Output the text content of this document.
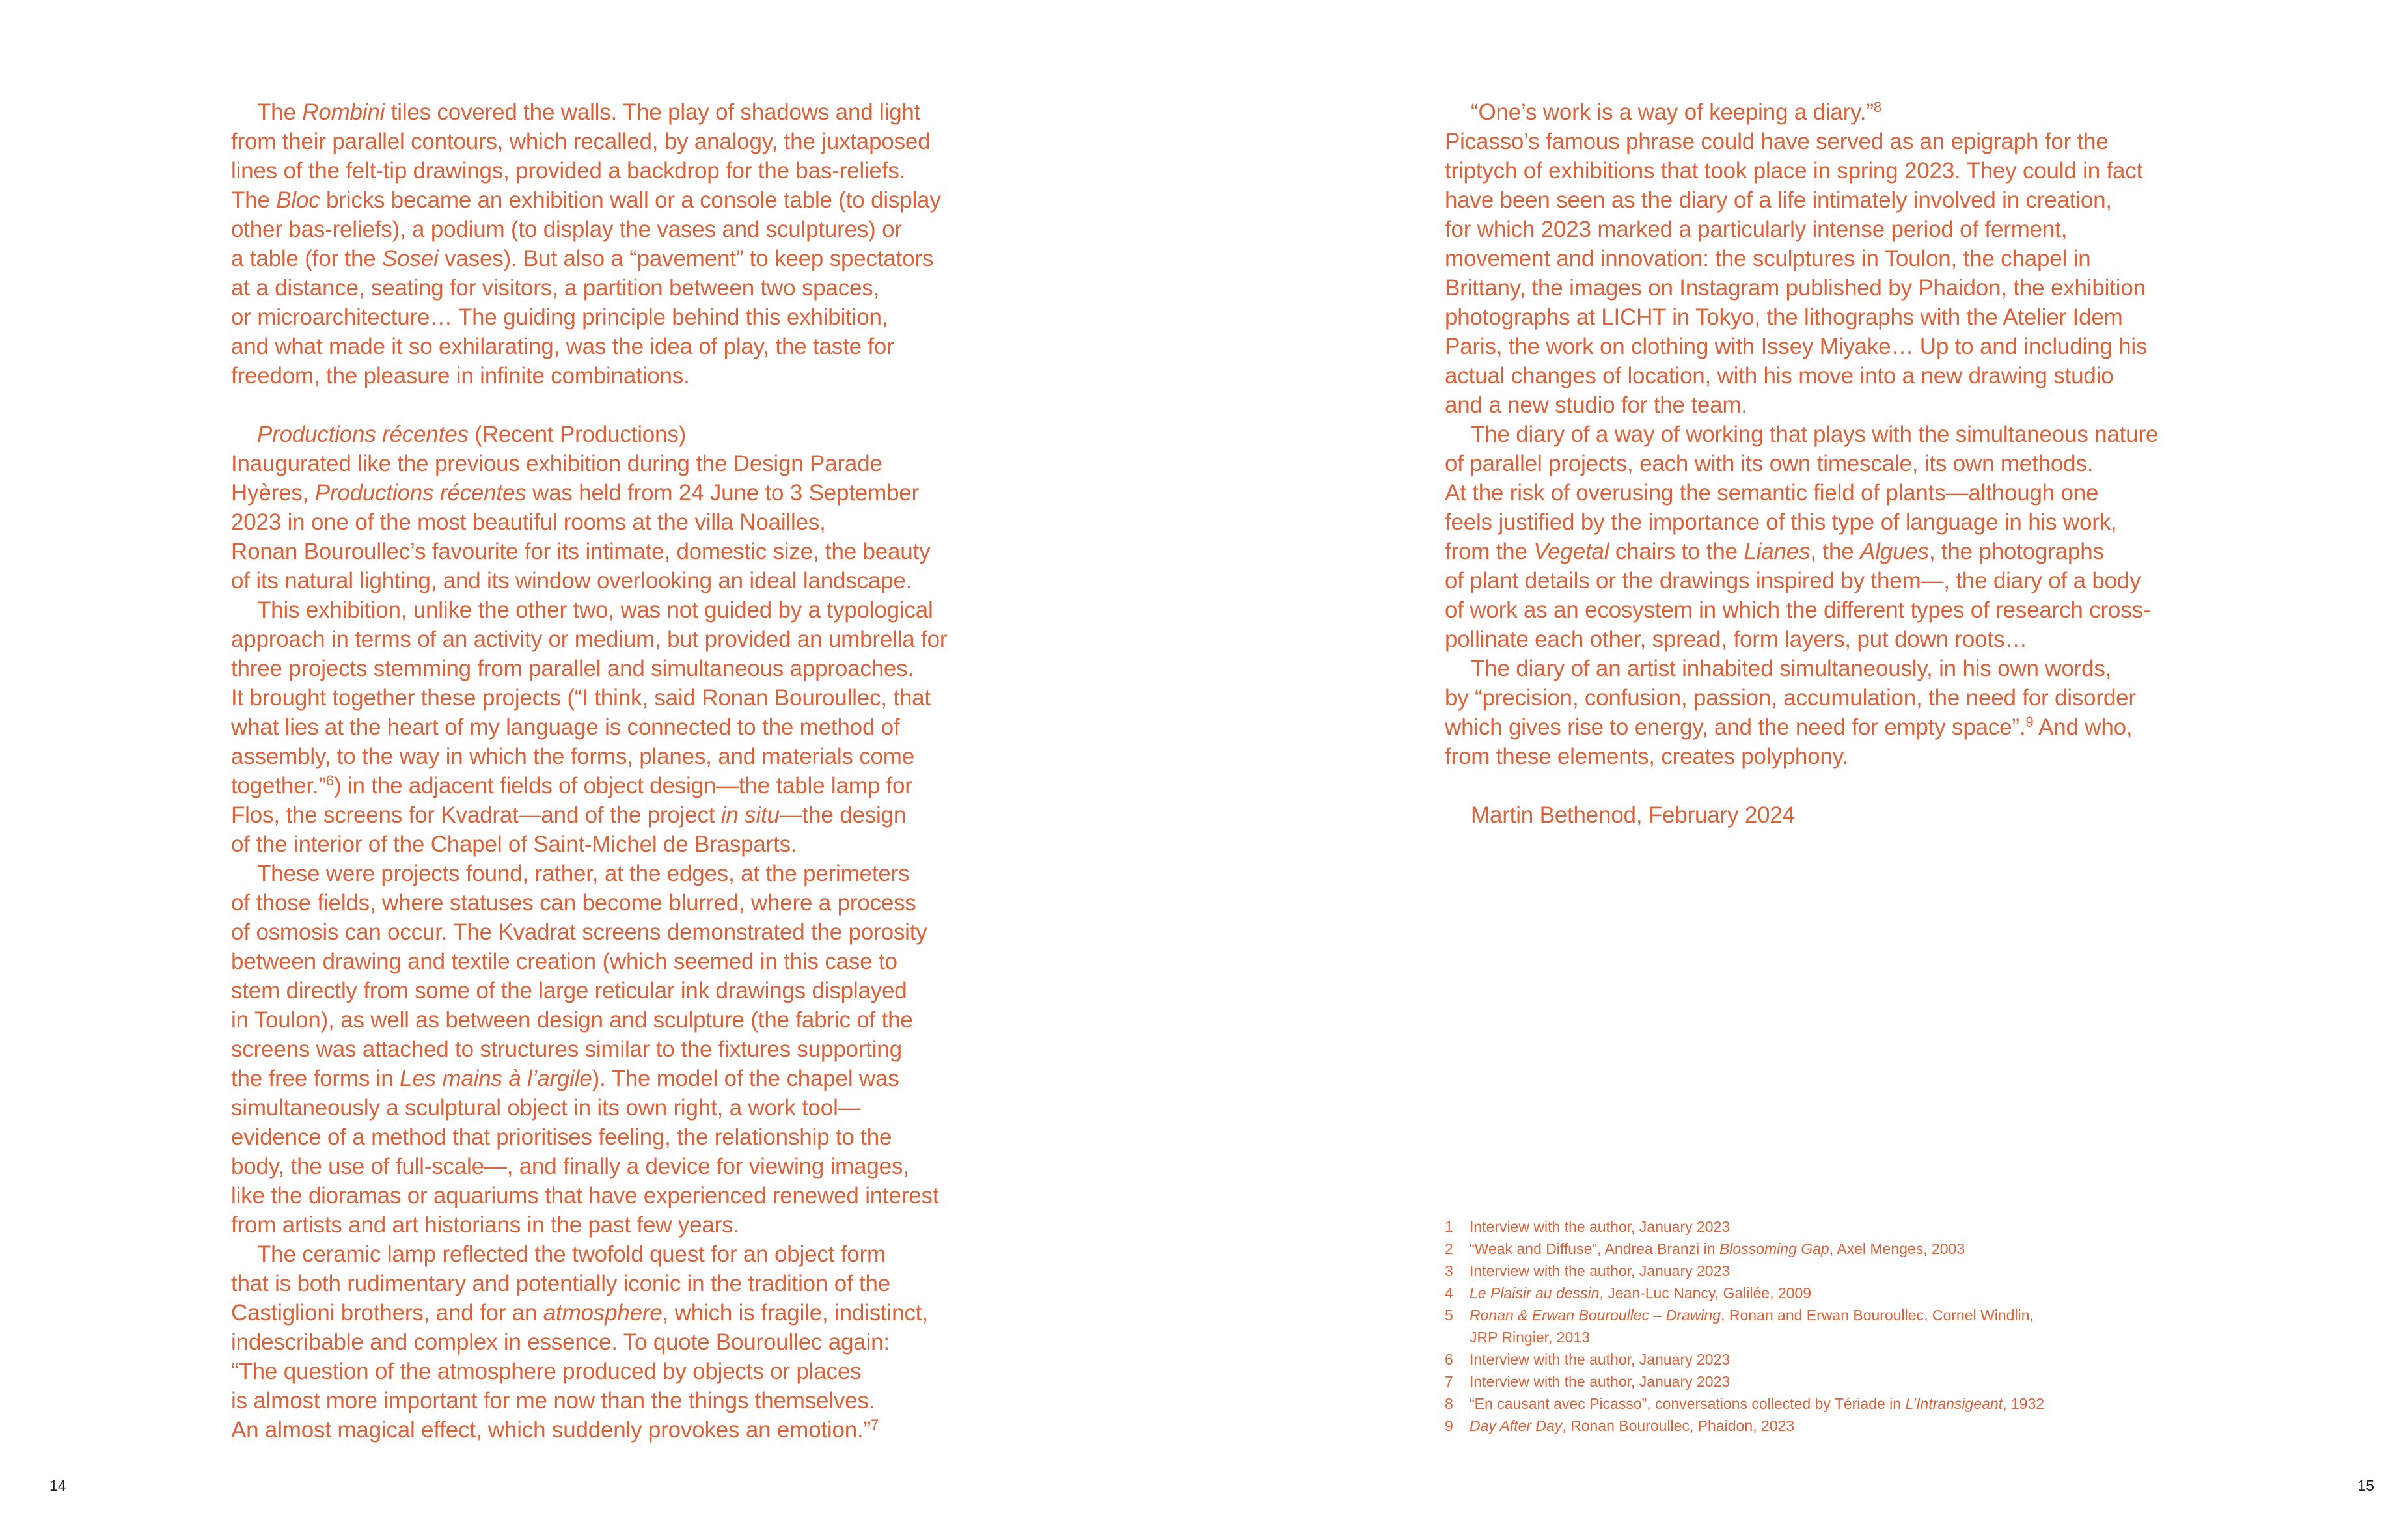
The Rombini tiles covered the walls. The play of shadows and light
from their parallel contours, which recalled, by analogy, the juxtaposed
lines of the felt-tip drawings, provided a backdrop for the bas-reliefs.
The Bloc bricks became an exhibition wall or a console table (to display
other bas-reliefs), a podium (to display the vases and sculptures) or
a table (for the Sosei vases). But also a “pavement” to keep spectators
at a distance, seating for visitors, a partition between two spaces,
or microarchitecture… The guiding principle behind this exhibition,
and what made it so exhilarating, was the idea of play, the taste for
freedom, the pleasure in infinite combinations.

Productions récentes (Recent Productions)

Inaugurated like the previous exhibition during the Design Parade
Hyères, Productions récentes was held from 24 June to 3 September
2023 in one of the most beautiful rooms at the villa Noailles,
Ronan Bouroullec’s favourite for its intimate, domestic size, the beauty
of its natural lighting, and its window overlooking an ideal landscape.

This exhibition, unlike the other two, was not guided by a typological
approach in terms of an activity or medium, but provided an umbrella for
three projects stemming from parallel and simultaneous approaches.
It brought together these projects (“I think, said Ronan Bouroullec, that
what lies at the heart of my language is connected to the method of
assembly, to the way in which the forms, planes, and materials come
together.”$^6$) in the adjacent fields of object design—the table lamp for
Flos, the screens for Kvadrat—and of the project in situ—the design
of the interior of the Chapel of Saint-Michel de Brasparts.

These were projects found, rather, at the edges, at the perimeters
of those fields, where statuses can become blurred, where a process
of osmosis can occur. The Kvadrat screens demonstrated the porosity
between drawing and textile creation (which seemed in this case to
stem directly from some of the large reticular ink drawings displayed
in Toulon), as well as between design and sculpture (the fabric of the
screens was attached to structures similar to the fixtures supporting
the free forms in Les mains à l’argile). The model of the chapel was
simultaneously a sculptural object in its own right, a work tool—
evidence of a method that prioritises feeling, the relationship to the
body, the use of full-scale—, and finally a device for viewing images,
like the dioramas or aquariums that have experienced renewed interest
from artists and art historians in the past few years.

The ceramic lamp reflected the twofold quest for an object form
that is both rudimentary and potentially iconic in the tradition of the
Castiglioni brothers, and for an atmosphere, which is fragile, indistinct,
indescribable and complex in essence. To quote Bouroullec again:
“The question of the atmosphere produced by objects or places
is almost more important for me now than the things themselves.
An almost magical effect, which suddenly provokes an emotion.”$^7$

14

“One’s work is a way of keeping a diary.”$^8$

Picasso’s famous phrase could have served as an epigraph for the
triptych of exhibitions that took place in spring 2023. They could in fact
have been seen as the diary of a life intimately involved in creation,
for which 2023 marked a particularly intense period of ferment,
movement and innovation: the sculptures in Toulon, the chapel in
Brittany, the images on Instagram published by Phaidon, the exhibition
photographs at LICHT in Tokyo, the lithographs with the Atelier Idem
Paris, the work on clothing with Issey Miyake… Up to and including his
actual changes of location, with his move into a new drawing studio
and a new studio for the team.

The diary of a way of working that plays with the simultaneous nature
of parallel projects, each with its own timescale, its own methods.
At the risk of overusing the semantic field of plants—although one
feels justified by the importance of this type of language in his work,
from the Vegetal chairs to the Lianes, the Algues, the photographs
of plant details or the drawings inspired by them—, the diary of a body
of work as an ecosystem in which the different types of research cross-
pollinate each other, spread, form layers, put down roots…

The diary of an artist inhabited simultaneously, in his own words,
by “precision, confusion, passion, accumulation, the need for disorder
which gives rise to energy, and the need for empty space”.$^9$ And who,
from these elements, creates polyphony.

Martin Bethenod, February 2024

1 Interview with the author, January 2023
2 “Weak and Diffuse”, Andrea Branzi in Blossoming Gap, Axel Menges, 2003
3 Interview with the author, January 2023
4 Le Plaisir au dessin, Jean-Luc Nancy, Galilée, 2009
5 Ronan & Erwan Bouroullec – Drawing, Ronan and Erwan Bouroullec, Cornel Windlin,
JRP Ringier, 2013
6 Interview with the author, January 2023
7 Interview with the author, January 2023
8 “En causant avec Picasso”, conversations collected by Tériade in L’Intransigeant, 1932
9 Day After Day, Ronan Bouroullec, Phaidon, 2023
15
